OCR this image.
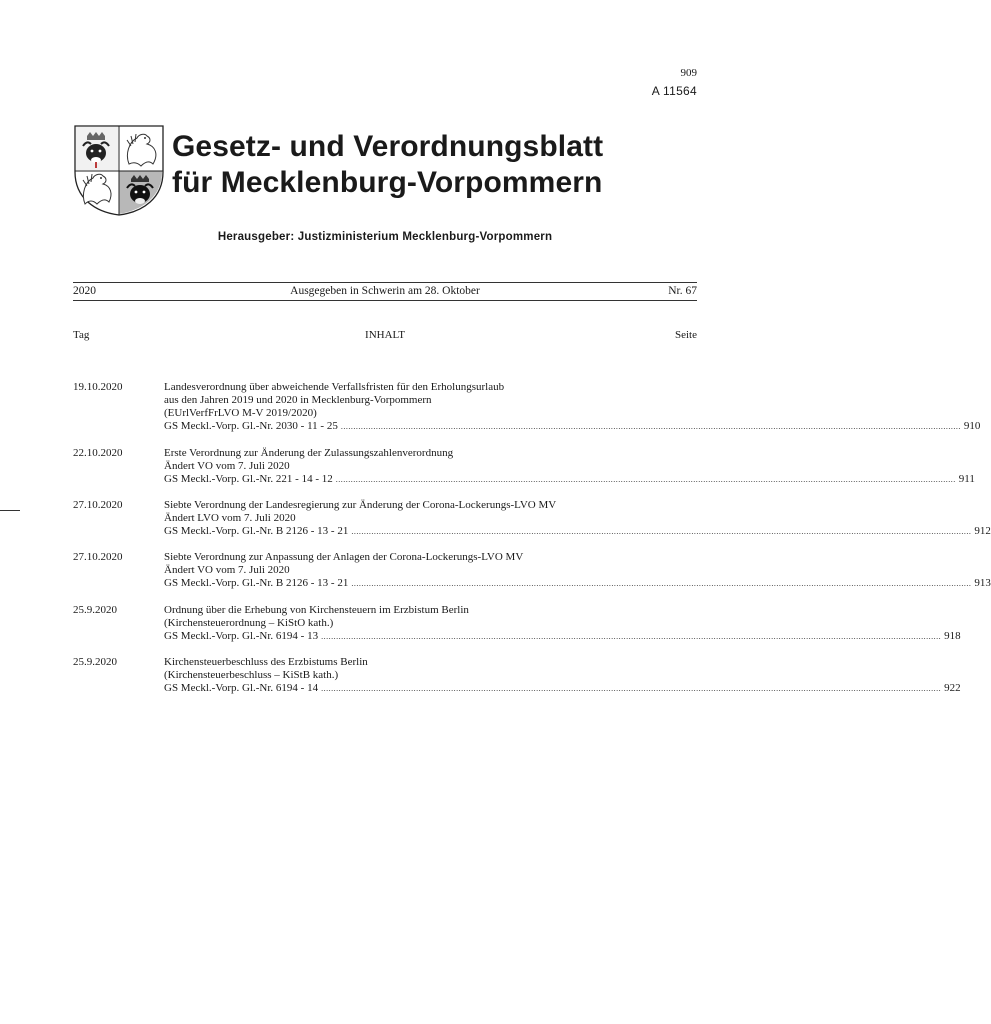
909
A 11564
Gesetz- und Verordnungsblatt
für Mecklenburg-Vorpommern
Herausgeber: Justizministerium Mecklenburg-Vorpommern
2020	Ausgegeben in Schwerin am 28. Oktober	Nr. 67
Tag	INHALT	Seite
19.10.2020	Landesverordnung über abweichende Verfallsfristen für den Erholungsurlaub
aus den Jahren 2019 und 2020 in Mecklenburg-Vorpommern
(EUrlVerfFrLVO M-V 2019/2020)
GS Meckl.-Vorp. Gl.-Nr. 2030 - 11 - 25 ........................................................................................................................................................................................................................................................ 910
22.10.2020	Erste Verordnung zur Änderung der Zulassungszahlenverordnung
Ändert VO vom 7. Juli 2020
GS Meckl.-Vorp. Gl.-Nr. 221 - 14 - 12 ........................................................................................................................................................................................................................................................ 911
27.10.2020	Siebte Verordnung der Landesregierung zur Änderung der Corona-Lockerungs-LVO MV
Ändert LVO vom 7. Juli 2020
GS Meckl.-Vorp. Gl.-Nr. B 2126 - 13 - 21 ........................................................................................................................................................................................................................................................ 912
27.10.2020	Siebte Verordnung zur Anpassung der Anlagen der Corona-Lockerungs-LVO MV
Ändert VO vom 7. Juli 2020
GS Meckl.-Vorp. Gl.-Nr. B 2126 - 13 - 21 ........................................................................................................................................................................................................................................................ 913
25.9.2020	Ordnung über die Erhebung von Kirchensteuern im Erzbistum Berlin
(Kirchensteuerordnung – KiStO kath.)
GS Meckl.-Vorp. Gl.-Nr. 6194 - 13 ........................................................................................................................................................................................................................................................ 918
25.9.2020	Kirchensteuerbeschluss des Erzbistums Berlin
(Kirchensteuerbeschluss – KiStB kath.)
GS Meckl.-Vorp. Gl.-Nr. 6194 - 14 ........................................................................................................................................................................................................................................................ 922
